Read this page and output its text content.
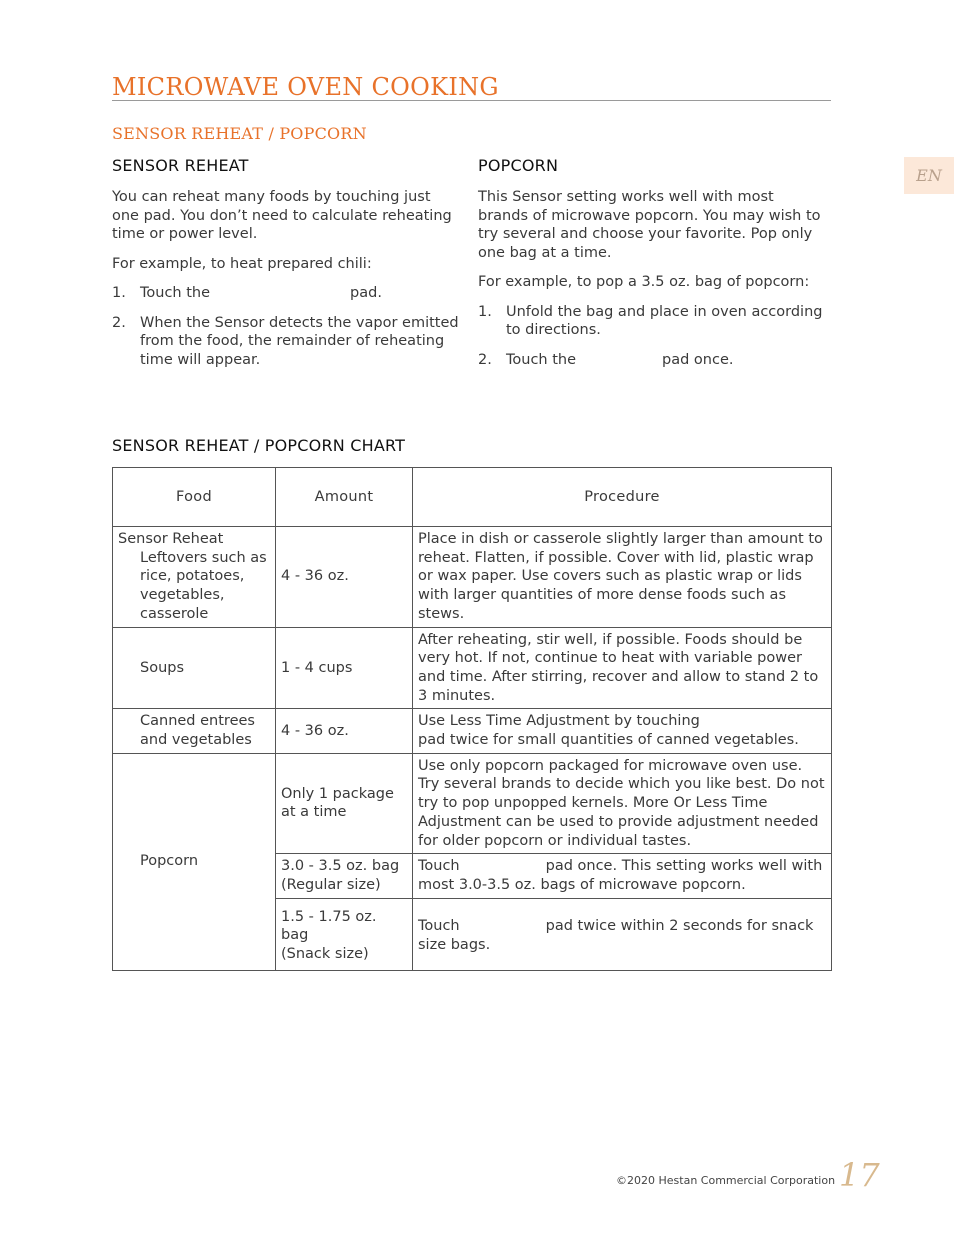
MICROWAVE OVEN COOKING
EN
SENSOR REHEAT / POPCORN
SENSOR REHEAT

You can reheat many foods by touching just one pad. You don’t need to calculate reheating time or power level.

For example, to heat prepared chili:

1. Touch the	pad.
2. When the Sensor detects the vapor emitted from the food, the remainder of reheating time will appear.
POPCORN

This Sensor setting works well with most brands of microwave popcorn. You may wish to try several and choose your favorite. Pop only one bag at a time.

For example, to pop a 3.5 oz. bag of popcorn:

1. Unfold the bag and place in oven according to directions.
2. Touch the	pad once.
SENSOR REHEAT / POPCORN CHART
Food	Amount	Procedure

Sensor Reheat
Leftovers such as rice, potatoes, vegetables, casserole	4 - 36 oz.	Place in dish or casserole slightly larger than amount to reheat. Flatten, if possible. Cover with lid, plastic wrap or wax paper. Use covers such as plastic wrap or lids with larger quantities of more dense foods such as stews.

Soups	1 - 4 cups	After reheating, stir well, if possible. Foods should be very hot. If not, continue to heat with variable power and time. After stirring, recover and allow to stand 2 to 3 minutes.

Canned entrees and vegetables	4 - 36 oz.	Use Less Time Adjustment by touching
pad twice for small quantities of canned vegetables.

Popcorn	Only 1 package at a time	Use only popcorn packaged for microwave oven use. Try several brands to decide which you like best. Do not try to pop unpopped kernels. More Or Less Time Adjustment can be used to provide adjustment needed for older popcorn or individual tastes.

	3.0 - 3.5 oz. bag
(Regular size)	Touch pad once. This setting works well with most 3.0-3.5 oz. bags of microwave popcorn.

	1.5 - 1.75 oz. bag
(Snack size)	Touch pad twice within 2 seconds for snack size bags.
©2020 Hestan Commercial Corporation 17
